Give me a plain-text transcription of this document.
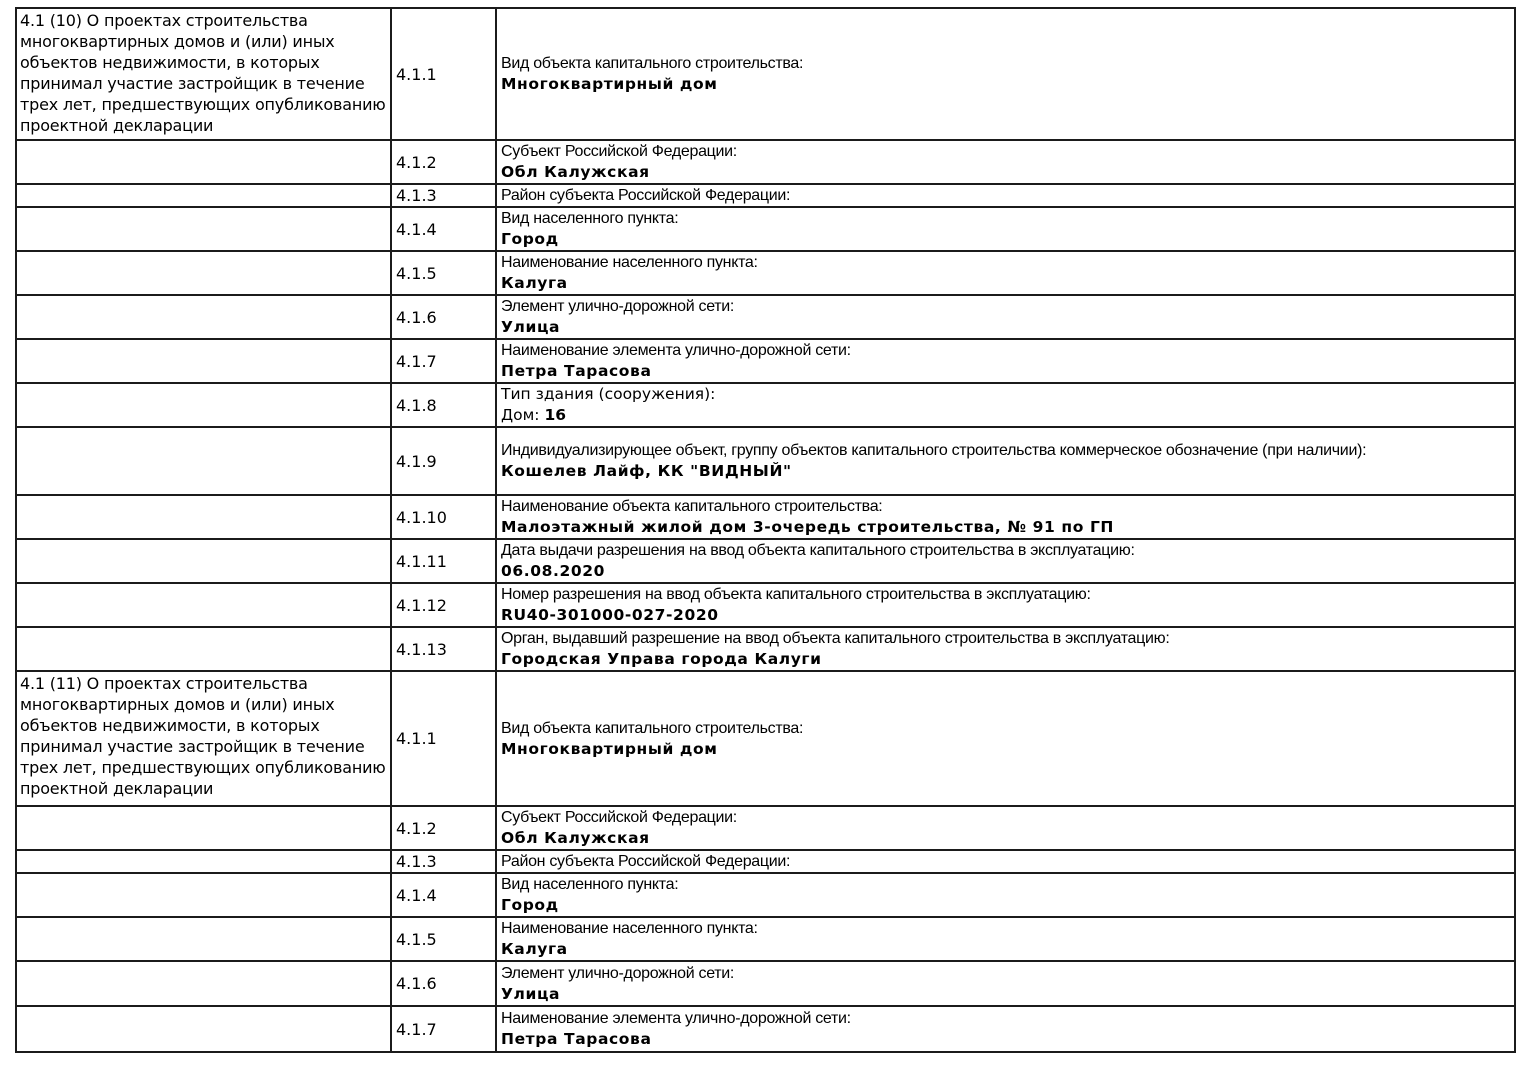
4.1 (10) О проектах строительства многоквартирных домов и (или) иных объектов недвижимости, в которых принимал участие застройщик в течение трех лет, предшествующих опубликованию проектной декларации	4.1.1	Вид объекта капитального строительства:
Многоквартирный дом

	4.1.2	Субъект Российской Федерации:
Обл Калужская

	4.1.3	Район субъекта Российской Федерации:

	4.1.4	Вид населенного пункта:
Город

	4.1.5	Наименование населенного пункта:
Калуга

	4.1.6	Элемент улично-дорожной сети:
Улица

	4.1.7	Наименование элемента улично-дорожной сети:
Петра Тарасова

	4.1.8	Тип здания (сооружения):
Дом: 16

	4.1.9	Индивидуализирующее объект, группу объектов капитального строительства коммерческое обозначение (при наличии):
Кошелев Лайф, КК "ВИДНЫЙ"

	4.1.10	Наименование объекта капитального строительства:
Малоэтажный жилой дом 3-очередь строительства, № 91 по ГП

	4.1.11	Дата выдачи разрешения на ввод объекта капитального строительства в эксплуатацию:
06.08.2020

	4.1.12	Номер разрешения на ввод объекта капитального строительства в эксплуатацию:
RU40-301000-027-2020

	4.1.13	Орган, выдавший разрешение на ввод объекта капитального строительства в эксплуатацию:
Городская Управа города Калуги

4.1 (11) О проектах строительства многоквартирных домов и (или) иных объектов недвижимости, в которых принимал участие застройщик в течение трех лет, предшествующих опубликованию проектной декларации	4.1.1	Вид объекта капитального строительства:
Многоквартирный дом

	4.1.2	Субъект Российской Федерации:
Обл Калужская

	4.1.3	Район субъекта Российской Федерации:

	4.1.4	Вид населенного пункта:
Город

	4.1.5	Наименование населенного пункта:
Калуга

	4.1.6	Элемент улично-дорожной сети:
Улица

	4.1.7	Наименование элемента улично-дорожной сети:
Петра Тарасова
